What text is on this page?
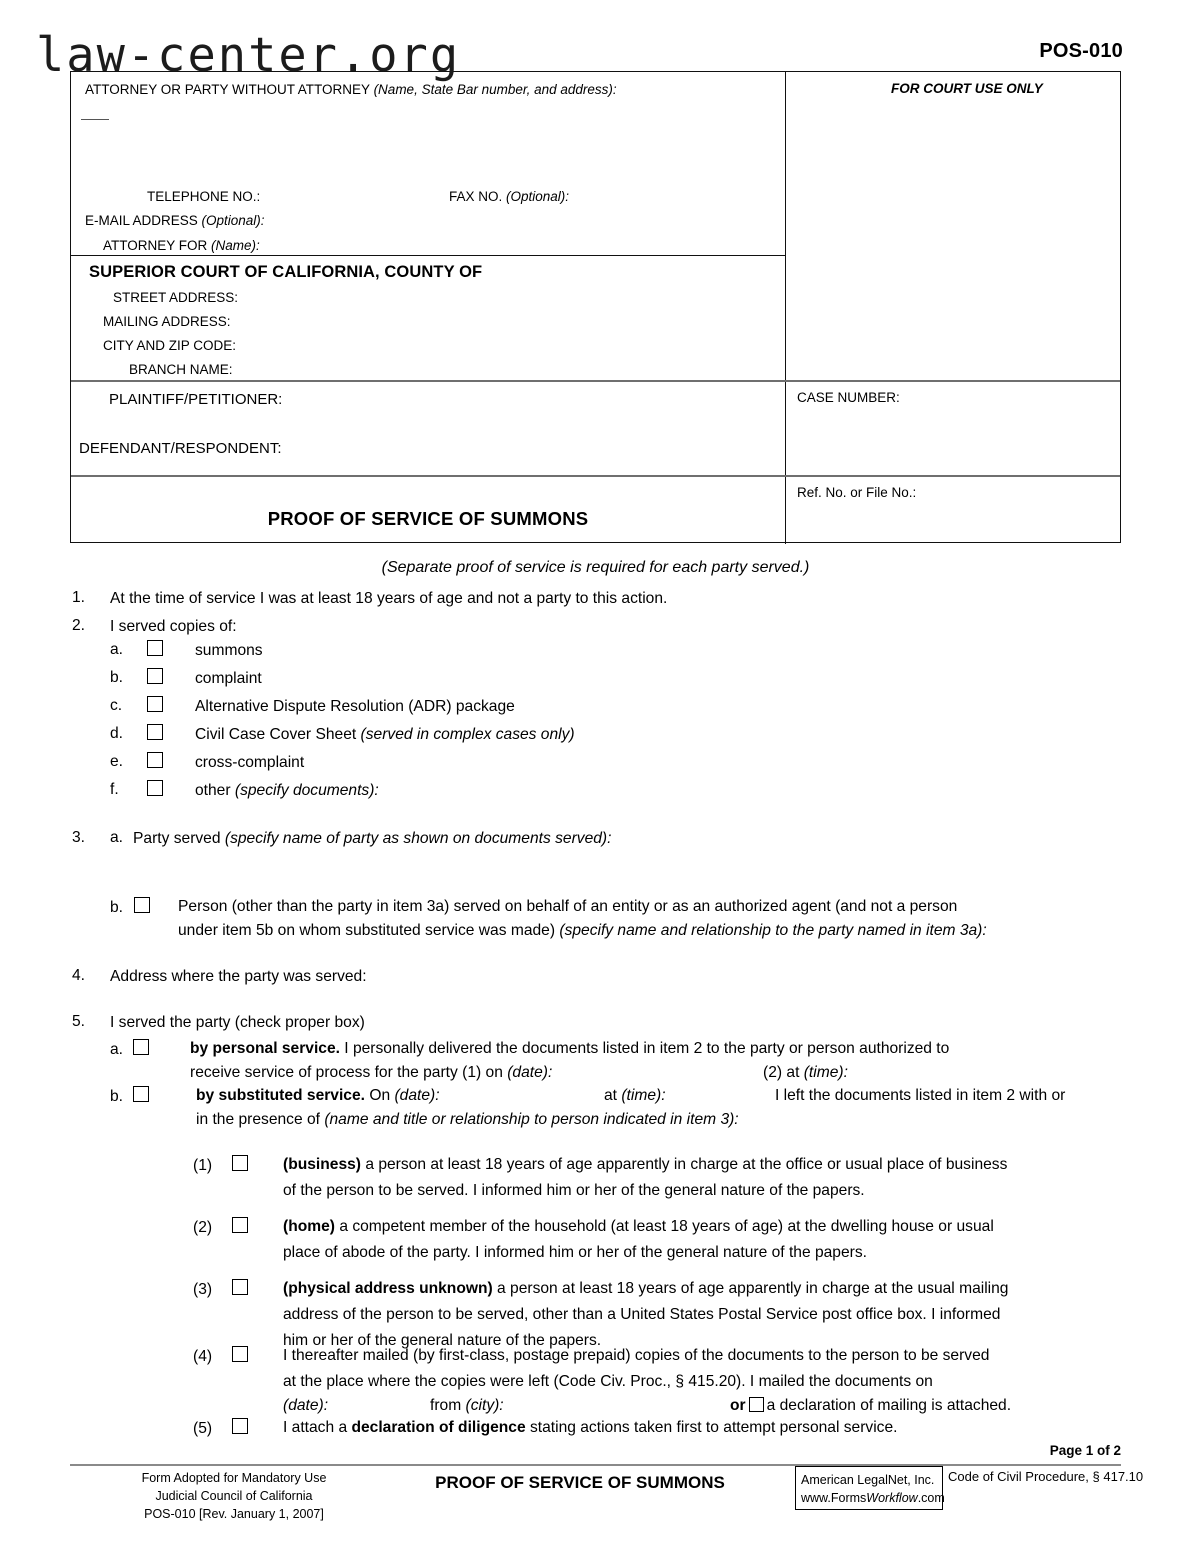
law-center.org	POS-010
ATTORNEY OR PARTY WITHOUT ATTORNEY (Name, State Bar number, and address):	FOR COURT USE ONLY
TELEPHONE NO.:	FAX NO. (Optional):
E-MAIL ADDRESS (Optional):
ATTORNEY FOR (Name):
SUPERIOR COURT OF CALIFORNIA, COUNTY OF
STREET ADDRESS:
MAILING ADDRESS:
CITY AND ZIP CODE:
BRANCH NAME:
PLAINTIFF/PETITIONER:
DEFENDANT/RESPONDENT:
CASE NUMBER:
Ref. No. or File No.:
PROOF OF SERVICE OF SUMMONS
(Separate proof of service is required for each party served.)
1. At the time of service I was at least 18 years of age and not a party to this action.
2. I served copies of:
a.	summons
b.	complaint
c.	Alternative Dispute Resolution (ADR) package
d.	Civil Case Cover Sheet (served in complex cases only)
e.	cross-complaint
f.	other (specify documents):
3. a. Party served (specify name of party as shown on documents served):
b.	Person (other than the party in item 3a) served on behalf of an entity or as an authorized agent (and not a person
under item 5b on whom substituted service was made) (specify name and relationship to the party named in item 3a):
4. Address where the party was served:
5. I served the party (check proper box)
a.	by personal service. I personally delivered the documents listed in item 2 to the party or person authorized to
receive service of process for the party (1) on (date):	(2) at (time):
b.	by substituted service. On (date):	at (time):	I left the documents listed in item 2 with or
in the presence of (name and title or relationship to person indicated in item 3):
(1)	(business) a person at least 18 years of age apparently in charge at the office or usual place of business
of the person to be served. I informed him or her of the general nature of the papers.
(2)	(home) a competent member of the household (at least 18 years of age) at the dwelling house or usual
place of abode of the party. I informed him or her of the general nature of the papers.
(3)	(physical address unknown) a person at least 18 years of age apparently in charge at the usual mailing
address of the person to be served, other than a United States Postal Service post office box. I informed
him or her of the general nature of the papers.
(4)	I thereafter mailed (by first-class, postage prepaid) copies of the documents to the person to be served
at the place where the copies were left (Code Civ. Proc., § 415.20). I mailed the documents on
(date):	from (city):	or a declaration of mailing is attached.
(5)	I attach a declaration of diligence stating actions taken first to attempt personal service.
Page 1 of 2
Form Adopted for Mandatory Use
Judicial Council of California
POS-010 [Rev. January 1, 2007]
PROOF OF SERVICE OF SUMMONS	American LegalNet, Inc.
www.FormsWorkflow.com
Code of Civil Procedure, § 417.10
